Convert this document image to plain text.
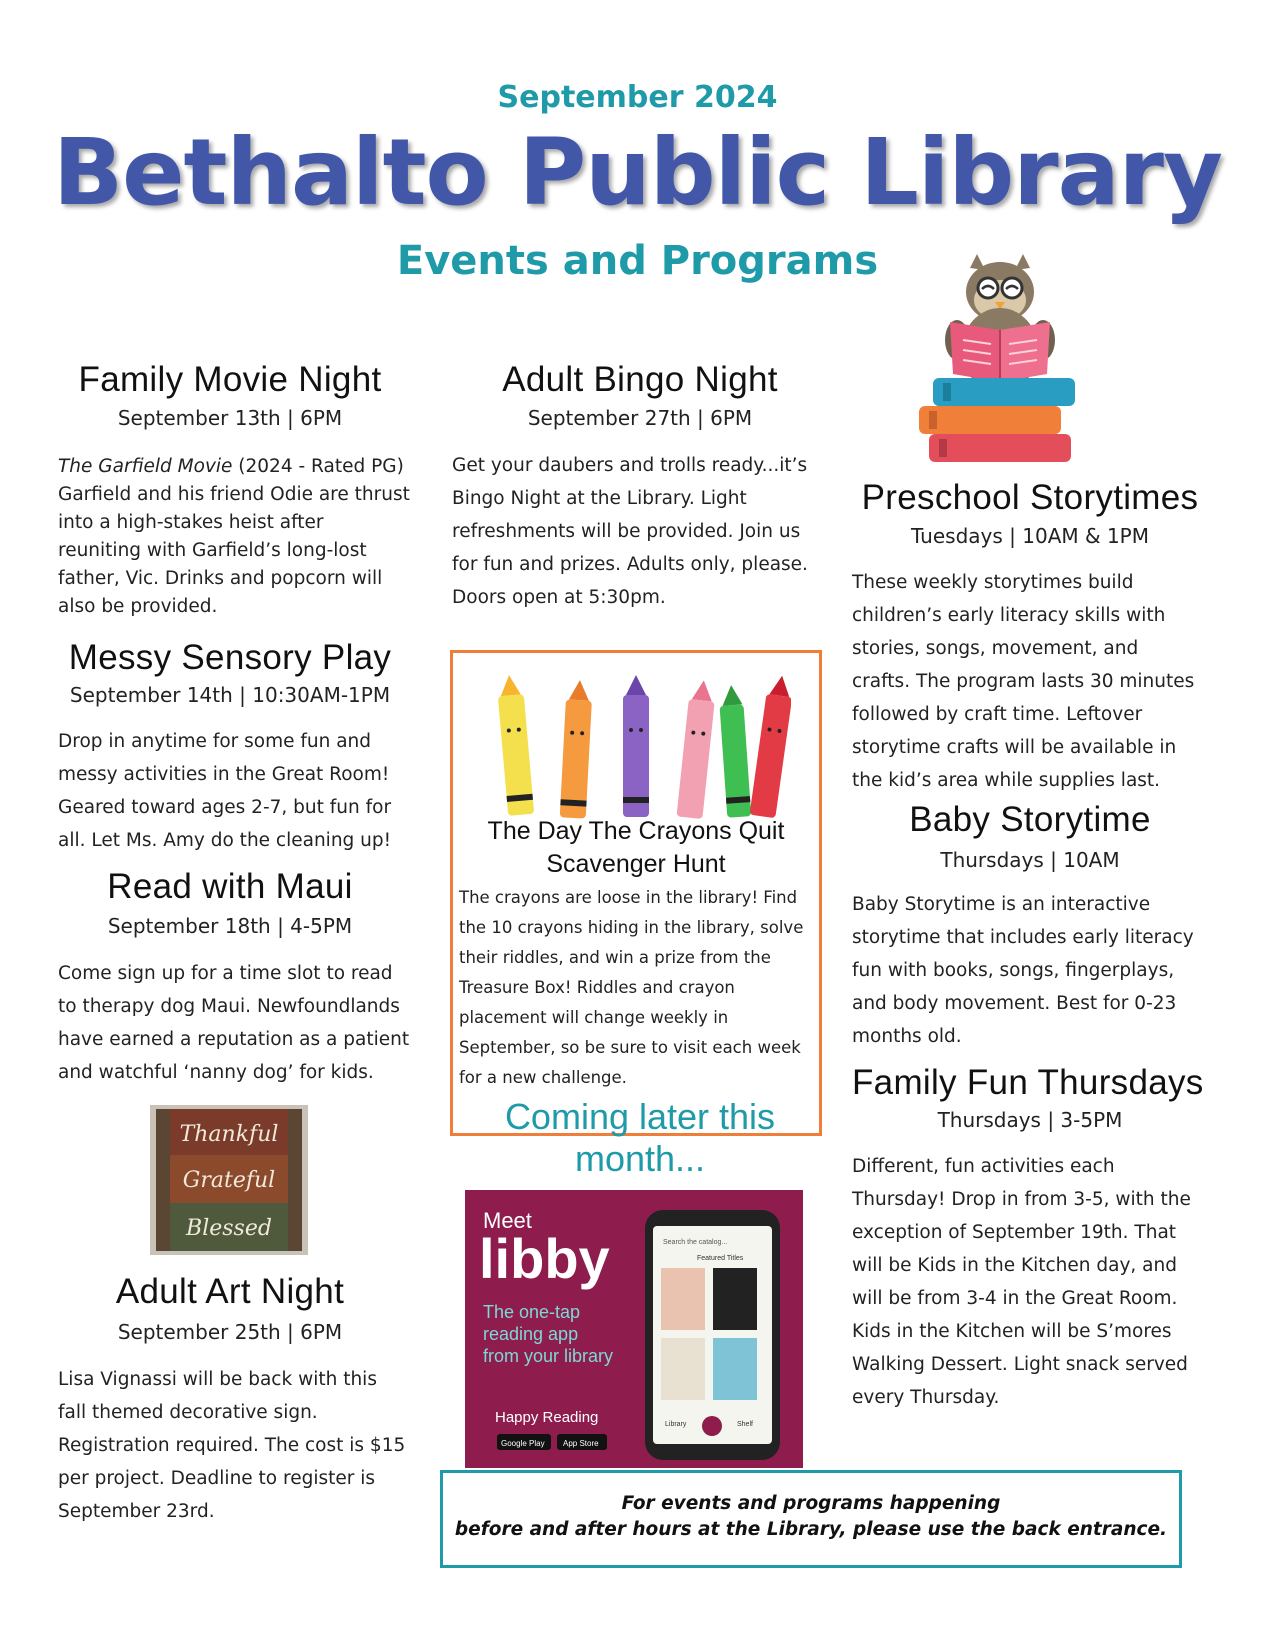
September 2024
Bethalto Public Library
Events and Programs
Family Movie Night
September 13th | 6PM
The Garfield Movie (2024 - Rated PG) Garfield and his friend Odie are thrust into a high-stakes heist after reuniting with Garfield’s long-lost father, Vic. Drinks and popcorn will also be provided.
Messy Sensory Play
September 14th | 10:30AM-1PM
Drop in anytime for some fun and messy activities in the Great Room! Geared toward ages 2-7, but fun for all. Let Ms. Amy do the cleaning up!
Read with Maui
September 18th | 4-5PM
Come sign up for a time slot to read to therapy dog Maui. Newfoundlands have earned a reputation as a patient and watchful ‘nanny dog’ for kids.
Thankful
Grateful
Blessed
Adult Art Night
September 25th | 6PM
Lisa Vignassi will be back with this fall themed decorative sign. Registration required. The cost is $15 per project. Deadline to register is September 23rd.
Adult Bingo Night
September 27th | 6PM
Get your daubers and trolls ready...it’s Bingo Night at the Library. Light refreshments will be provided. Join us for fun and prizes. Adults only, please. Doors open at 5:30pm.
The Day The Crayons Quit Scavenger Hunt
The crayons are loose in the library! Find the 10 crayons hiding in the library, solve their riddles, and win a prize from the Treasure Box! Riddles and crayon placement will change weekly in September, so be sure to visit each week for a new challenge.
Coming later this month...
Meet
libby
The one-tap
reading app
from your library
Happy Reading
Google Play App Store
Search the catalog...
Featured Titles
Library	Shelf
Preschool Storytimes
Tuesdays | 10AM & 1PM
These weekly storytimes build children’s early literacy skills with stories, songs, movement, and crafts. The program lasts 30 minutes followed by craft time. Leftover storytime crafts will be available in the kid’s area while supplies last.
Baby Storytime
Thursdays | 10AM
Baby Storytime is an interactive storytime that includes early literacy fun with books, songs, fingerplays, and body movement. Best for 0-23 months old.
Family Fun Thursdays
Thursdays | 3-5PM
Different, fun activities each Thursday! Drop in from 3-5, with the exception of September 19th. That will be Kids in the Kitchen day, and will be from 3-4 in the Great Room. Kids in the Kitchen will be S’mores Walking Dessert. Light snack served every Thursday.
For events and programs happening
before and after hours at the Library, please use the back entrance.
